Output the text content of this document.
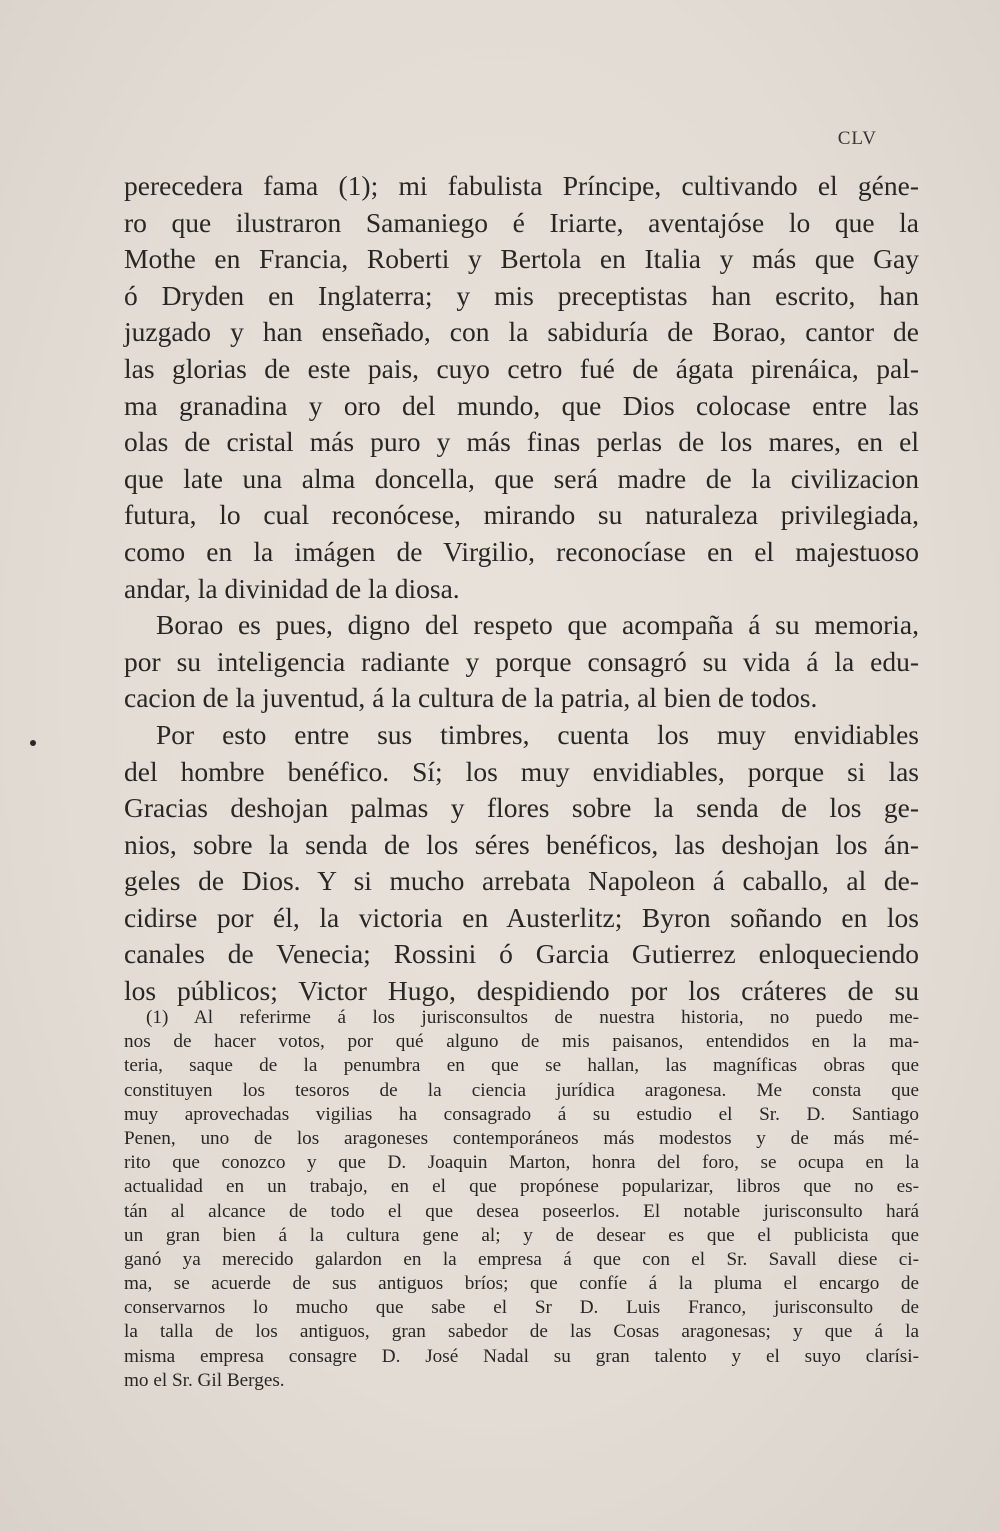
CLV
perecedera fama (1); mi fabulista Príncipe, cultivando el géne-
ro que ilustraron Samaniego é Iriarte, aventajóse lo que la
Mothe en Francia, Roberti y Bertola en Italia y más que Gay
ó Dryden en Inglaterra; y mis preceptistas han escrito, han
juzgado y han enseñado, con la sabiduría de Borao, cantor de
las glorias de este pais, cuyo cetro fué de ágata pirenáica, pal-
ma granadina y oro del mundo, que Dios colocase entre las
olas de cristal más puro y más finas perlas de los mares, en el
que late una alma doncella, que será madre de la civilizacion
futura, lo cual reconócese, mirando su naturaleza privilegiada,
como en la imágen de Virgilio, reconocíase en el majestuoso
andar, la divinidad de la diosa.
Borao es pues, digno del respeto que acompaña á su memoria,
por su inteligencia radiante y porque consagró su vida á la edu-
cacion de la juventud, á la cultura de la patria, al bien de todos.
Por esto entre sus timbres, cuenta los muy envidiables
del hombre benéfico. Sí; los muy envidiables, porque si las
Gracias deshojan palmas y flores sobre la senda de los ge-
nios, sobre la senda de los séres benéficos, las deshojan los án-
geles de Dios. Y si mucho arrebata Napoleon á caballo, al de-
cidirse por él, la victoria en Austerlitz; Byron soñando en los
canales de Venecia; Rossini ó Garcia Gutierrez enloqueciendo
los públicos; Victor Hugo, despidiendo por los cráteres de su
(1) Al referirme á los jurisconsultos de nuestra historia, no puedo me-
nos de hacer votos, por qué alguno de mis paisanos, entendidos en la ma-
teria, saque de la penumbra en que se hallan, las magníficas obras que
constituyen los tesoros de la ciencia jurídica aragonesa. Me consta que
muy aprovechadas vigilias ha consagrado á su estudio el Sr. D. Santiago
Penen, uno de los aragoneses contemporáneos más modestos y de más mé-
rito que conozco y que D. Joaquin Marton, honra del foro, se ocupa en la
actualidad en un trabajo, en el que propónese popularizar, libros que no es-
tán al alcance de todo el que desea poseerlos. El notable jurisconsulto hará
un gran bien á la cultura gene al; y de desear es que el publicista que
ganó ya merecido galardon en la empresa á que con el Sr. Savall diese ci-
ma, se acuerde de sus antiguos bríos; que confíe á la pluma el encargo de
conservarnos lo mucho que sabe el Sr D. Luis Franco, jurisconsulto de
la talla de los antiguos, gran sabedor de las Cosas aragonesas; y que á la
misma empresa consagre D. José Nadal su gran talento y el suyo clarísi-
mo el Sr. Gil Berges.
